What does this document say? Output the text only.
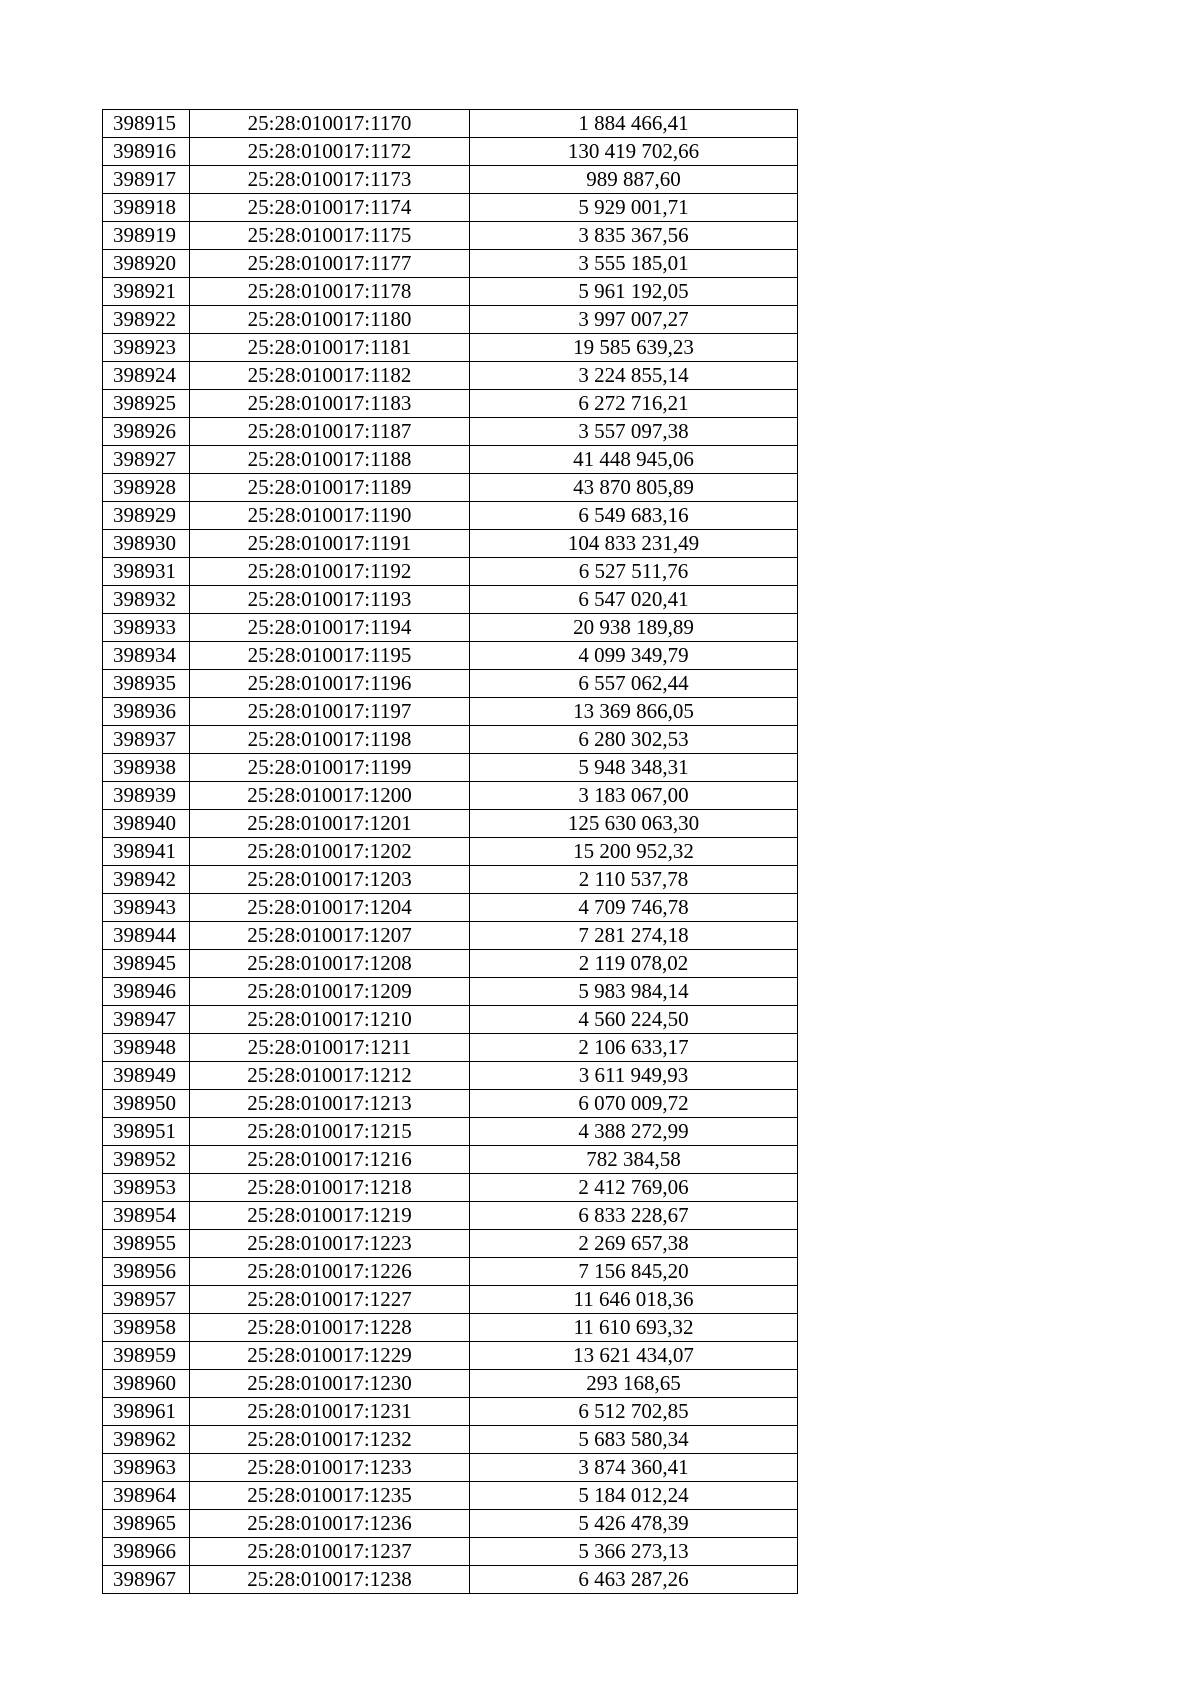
398915	25:28:010017:1170	1 884 466,41
398916	25:28:010017:1172	130 419 702,66
398917	25:28:010017:1173	989 887,60
398918	25:28:010017:1174	5 929 001,71
398919	25:28:010017:1175	3 835 367,56
398920	25:28:010017:1177	3 555 185,01
398921	25:28:010017:1178	5 961 192,05
398922	25:28:010017:1180	3 997 007,27
398923	25:28:010017:1181	19 585 639,23
398924	25:28:010017:1182	3 224 855,14
398925	25:28:010017:1183	6 272 716,21
398926	25:28:010017:1187	3 557 097,38
398927	25:28:010017:1188	41 448 945,06
398928	25:28:010017:1189	43 870 805,89
398929	25:28:010017:1190	6 549 683,16
398930	25:28:010017:1191	104 833 231,49
398931	25:28:010017:1192	6 527 511,76
398932	25:28:010017:1193	6 547 020,41
398933	25:28:010017:1194	20 938 189,89
398934	25:28:010017:1195	4 099 349,79
398935	25:28:010017:1196	6 557 062,44
398936	25:28:010017:1197	13 369 866,05
398937	25:28:010017:1198	6 280 302,53
398938	25:28:010017:1199	5 948 348,31
398939	25:28:010017:1200	3 183 067,00
398940	25:28:010017:1201	125 630 063,30
398941	25:28:010017:1202	15 200 952,32
398942	25:28:010017:1203	2 110 537,78
398943	25:28:010017:1204	4 709 746,78
398944	25:28:010017:1207	7 281 274,18
398945	25:28:010017:1208	2 119 078,02
398946	25:28:010017:1209	5 983 984,14
398947	25:28:010017:1210	4 560 224,50
398948	25:28:010017:1211	2 106 633,17
398949	25:28:010017:1212	3 611 949,93
398950	25:28:010017:1213	6 070 009,72
398951	25:28:010017:1215	4 388 272,99
398952	25:28:010017:1216	782 384,58
398953	25:28:010017:1218	2 412 769,06
398954	25:28:010017:1219	6 833 228,67
398955	25:28:010017:1223	2 269 657,38
398956	25:28:010017:1226	7 156 845,20
398957	25:28:010017:1227	11 646 018,36
398958	25:28:010017:1228	11 610 693,32
398959	25:28:010017:1229	13 621 434,07
398960	25:28:010017:1230	293 168,65
398961	25:28:010017:1231	6 512 702,85
398962	25:28:010017:1232	5 683 580,34
398963	25:28:010017:1233	3 874 360,41
398964	25:28:010017:1235	5 184 012,24
398965	25:28:010017:1236	5 426 478,39
398966	25:28:010017:1237	5 366 273,13
398967	25:28:010017:1238	6 463 287,26
